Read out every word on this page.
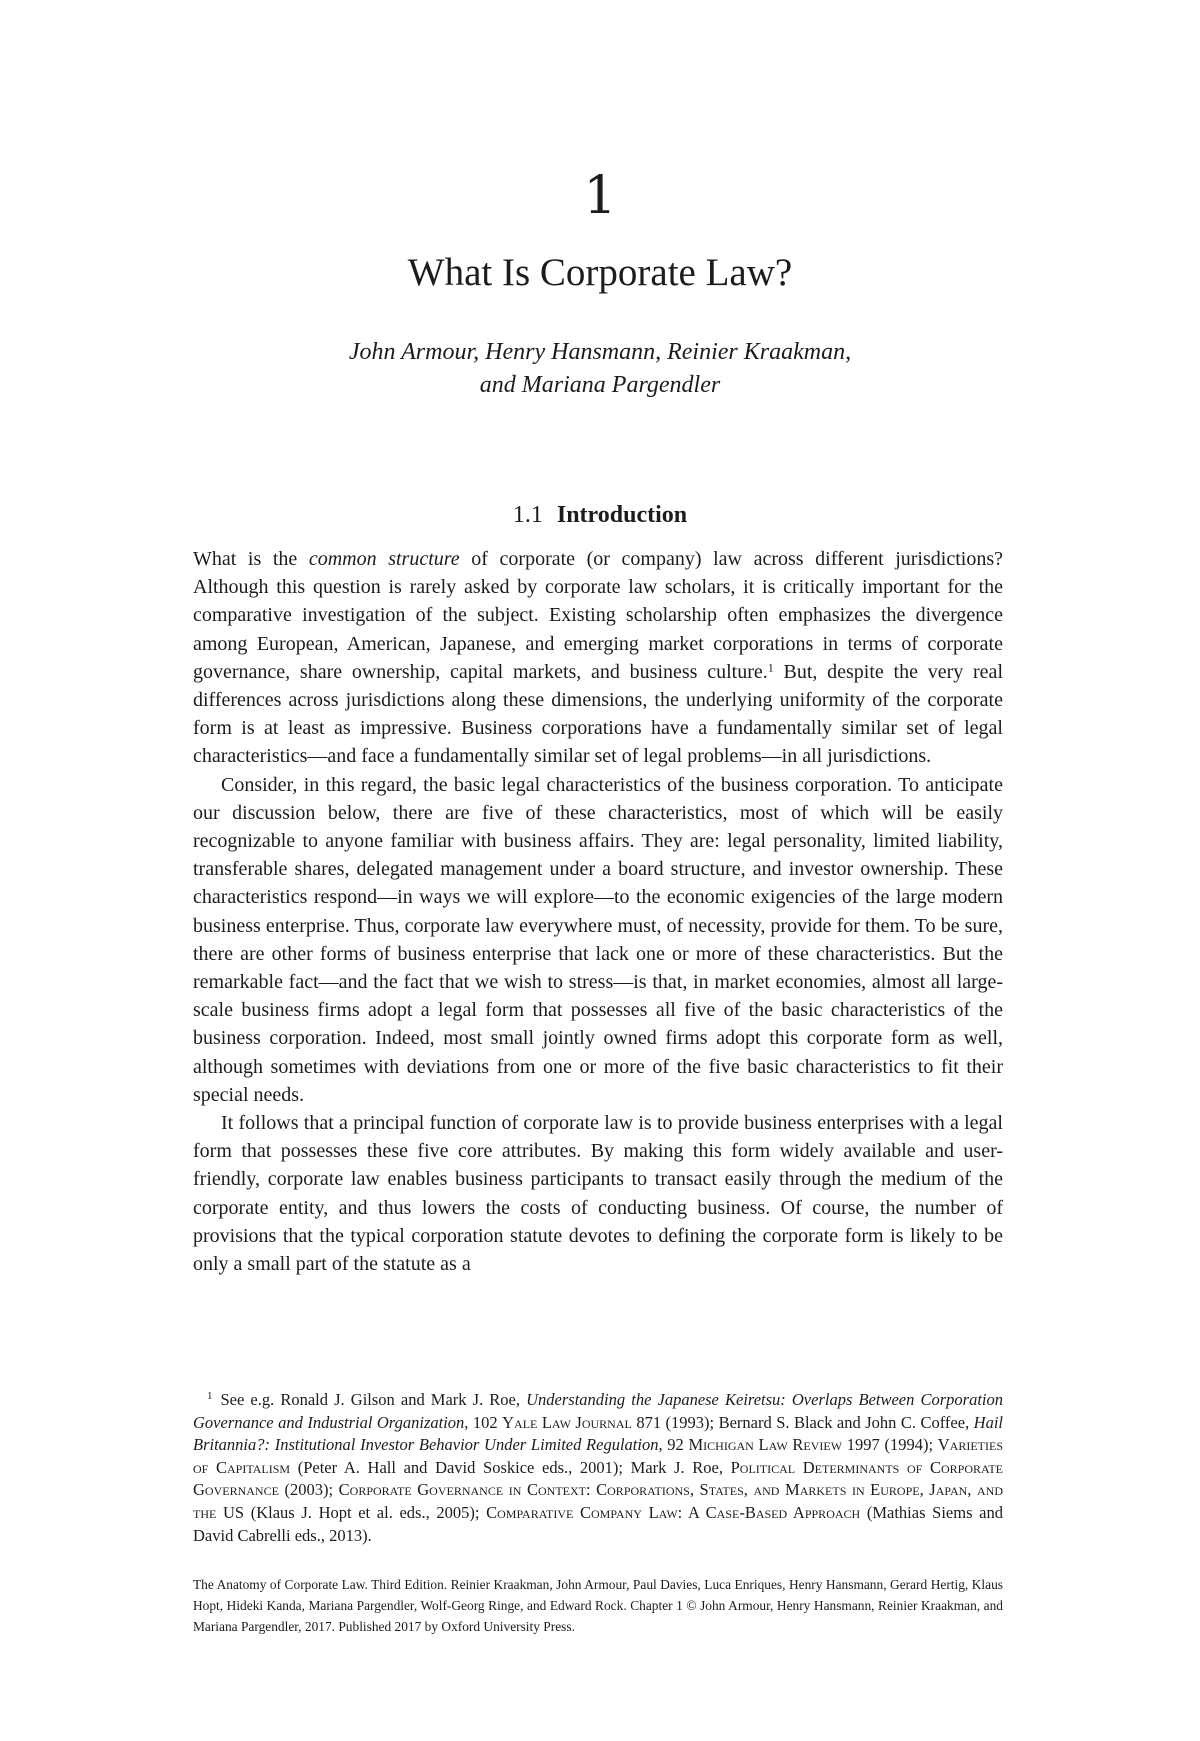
1
What Is Corporate Law?
John Armour, Henry Hansmann, Reinier Kraakman,
and Mariana Pargendler
1.1 Introduction

What is the common structure of corporate (or company) law across different jurisdictions? Although this question is rarely asked by corporate law scholars, it is critically important for the comparative investigation of the subject. Existing scholarship often emphasizes the divergence among European, American, Japanese, and emerging market corporations in terms of corporate governance, share ownership, capital markets, and business culture.$^1$ But, despite the very real differences across jurisdictions along these dimensions, the underlying uniformity of the corporate form is at least as impressive. Business corporations have a fundamentally similar set of legal characteristics—and face a fundamentally similar set of legal problems—in all jurisdictions.

Consider, in this regard, the basic legal characteristics of the business corporation. To anticipate our discussion below, there are five of these characteristics, most of which will be easily recognizable to anyone familiar with business affairs. They are: legal personality, limited liability, transferable shares, delegated management under a board structure, and investor ownership. These characteristics respond—in ways we will explore—to the economic exigencies of the large modern business enterprise. Thus, corporate law everywhere must, of necessity, provide for them. To be sure, there are other forms of business enterprise that lack one or more of these characteristics. But the remarkable fact—and the fact that we wish to stress—is that, in market economies, almost all large-scale business firms adopt a legal form that possesses all five of the basic characteristics of the business corporation. Indeed, most small jointly owned firms adopt this corporate form as well, although sometimes with deviations from one or more of the five basic characteristics to fit their special needs.

It follows that a principal function of corporate law is to provide business enterprises with a legal form that possesses these five core attributes. By making this form widely available and user-friendly, corporate law enables business participants to transact easily through the medium of the corporate entity, and thus lowers the costs of conducting business. Of course, the number of provisions that the typical corporation statute devotes to defining the corporate form is likely to be only a small part of the statute as a

$^1$ See e.g. Ronald J. Gilson and Mark J. Roe, Understanding the Japanese Keiretsu: Overlaps Between Corporation Governance and Industrial Organization, 102 Yale Law Journal 871 (1993); Bernard S. Black and John C. Coffee, Hail Britannia?: Institutional Investor Behavior Under Limited Regulation, 92 Michigan Law Review 1997 (1994); Varieties of Capitalism (Peter A. Hall and David Soskice eds., 2001); Mark J. Roe, Political Determinants of Corporate Governance (2003); Corporate Governance in Context: Corporations, States, and Markets in Europe, Japan, and the US (Klaus J. Hopt et al. eds., 2005); Comparative Company Law: A Case-Based Approach (Mathias Siems and David Cabrelli eds., 2013).
The Anatomy of Corporate Law. Third Edition. Reinier Kraakman, John Armour, Paul Davies, Luca Enriques, Henry Hansmann, Gerard Hertig, Klaus Hopt, Hideki Kanda, Mariana Pargendler, Wolf-Georg Ringe, and Edward Rock. Chapter 1 © John Armour, Henry Hansmann, Reinier Kraakman, and Mariana Pargendler, 2017. Published 2017 by Oxford University Press.
